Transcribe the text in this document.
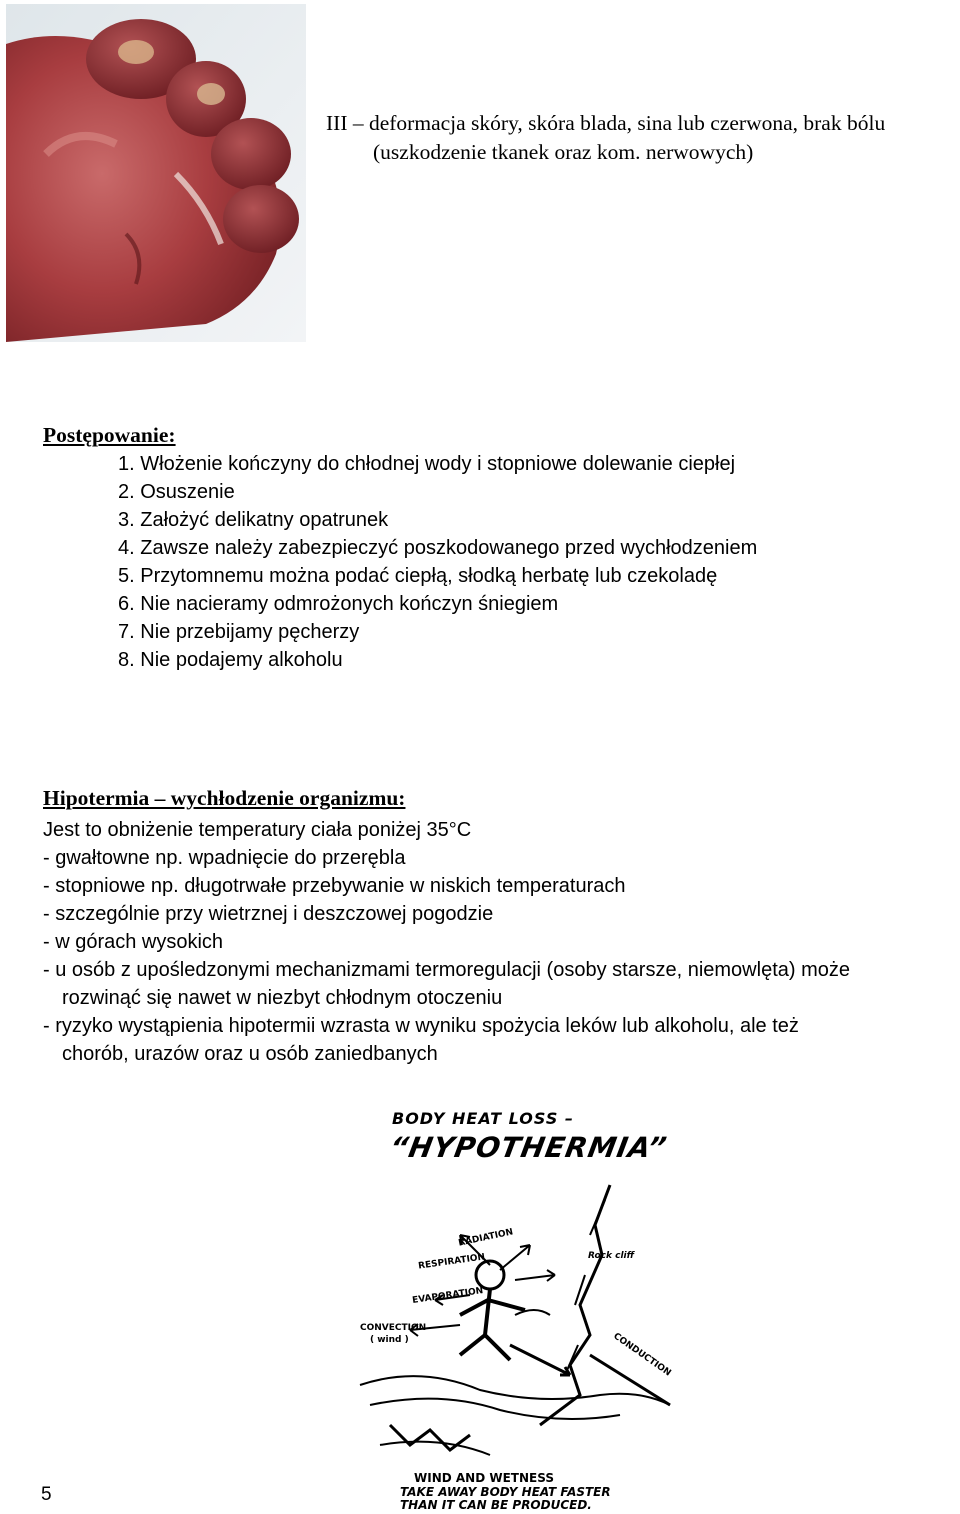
III – deformacja skóry, skóra blada, sina lub czerwona, brak bólu
(uszkodzenie tkanek oraz kom. nerwowych)
Postępowanie:
1. Włożenie kończyny do chłodnej wody i stopniowe dolewanie ciepłej
2. Osuszenie
3. Założyć delikatny opatrunek
4. Zawsze należy zabezpieczyć poszkodowanego przed wychłodzeniem
5. Przytomnemu można podać ciepłą, słodką herbatę lub czekoladę
6. Nie nacieramy odmrożonych kończyn śniegiem
7. Nie przebijamy pęcherzy
8. Nie podajemy alkoholu
Hipotermia – wychłodzenie organizmu:
Jest to obniżenie temperatury ciała poniżej 35°C
- gwałtowne np. wpadnięcie do przerębla
- stopniowe np. długotrwałe przebywanie w niskich temperaturach
- szczególnie przy wietrznej i deszczowej pogodzie
- w górach wysokich
- u osób z upośledzonymi mechanizmami termoregulacji (osoby starsze, niemowlęta) może
rozwinąć się nawet w niezbyt chłodnym otoczeniu
- ryzyko wystąpienia hipotermii wzrasta w wyniku spożycia leków lub alkoholu, ale też
chorób, urazów oraz u osób zaniedbanych
BODY HEAT LOSS –
“HYPOTHERMIA”
RADIATION
RESPIRATION
EVAPORATION
CONVECTION
( wind )	CONDUCTION
Rock cliff
WIND AND WETNESS
TAKE AWAY BODY HEAT FASTER
THAN IT CAN BE PRODUCED.
5
